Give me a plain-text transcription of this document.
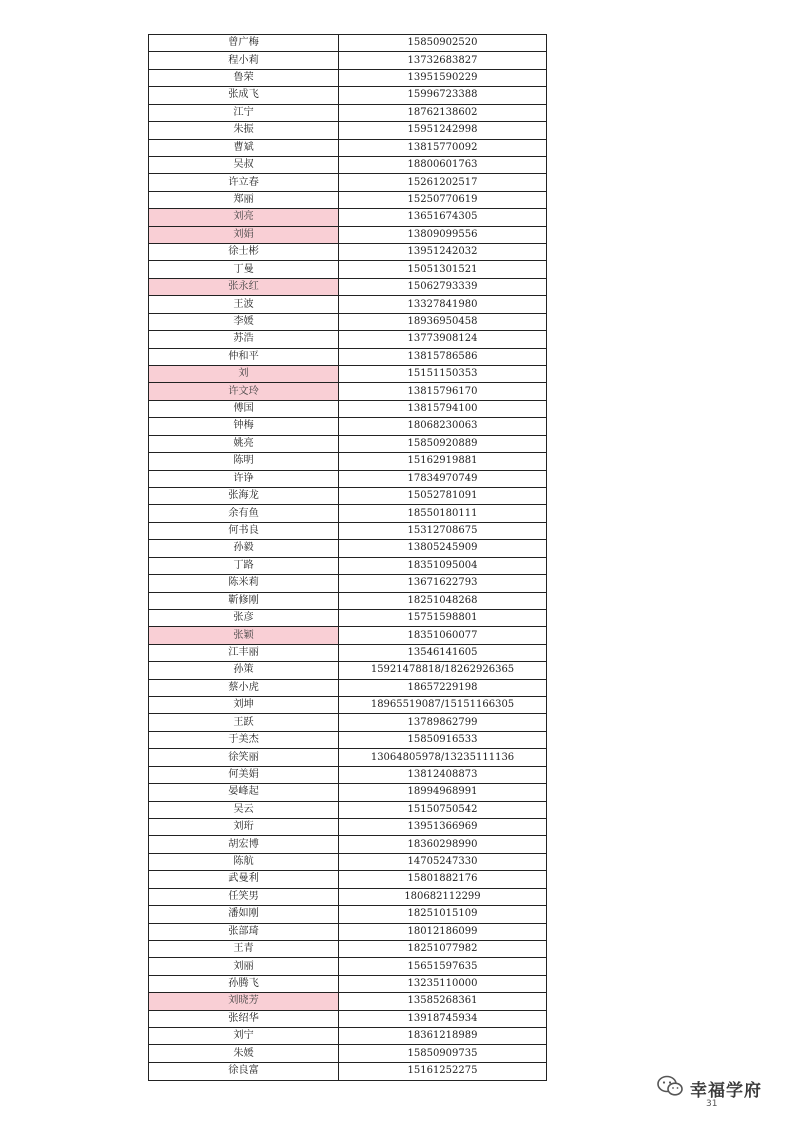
曾广梅	15850902520
程小莉	13732683827
鲁荣	13951590229
张成飞	15996723388
江宁	18762138602
朱振	15951242998
曹斌	13815770092
吴叔	18800601763
许立春	15261202517
郑丽	15250770619
刘亮	13651674305
刘娟	13809099556
徐士彬	13951242032
丁曼	15051301521
张永红	15062793339
王波	13327841980
李媛	18936950458
苏浩	13773908124
仲和平	13815786586
刘	15151150353
许文玲	13815796170
傅国	13815794100
钟梅	18068230063
姚亮	15850920889
陈明	15162919881
许诤	17834970749
张海龙	15052781091
余有鱼	18550180111
何书良	15312708675
孙毅	13805245909
丁路	18351095004
陈米莉	13671622793
靳修刚	18251048268
张彦	15751598801
张颖	18351060077
江丰丽	13546141605
孙策	15921478818/18262926365
蔡小虎	18657229198
刘坤	18965519087/15151166305
王跃	13789862799
于美杰	15850916533
徐笑丽	13064805978/13235111136
何美娟	13812408873
晏峰起	18994968991
吴云	15150750542
刘珩	13951366969
胡宏博	18360298990
陈航	14705247330
武曼利	15801882176
任笑男	180682112299
潘如刚	18251015109
张部琦	18012186099
王青	18251077982
刘丽	15651597635
孙腾飞	13235110000
刘晓芳	13585268361
张绍华	13918745934
刘宁	18361218989
朱媛	15850909735
徐良富	15161252275
幸福学府
31
